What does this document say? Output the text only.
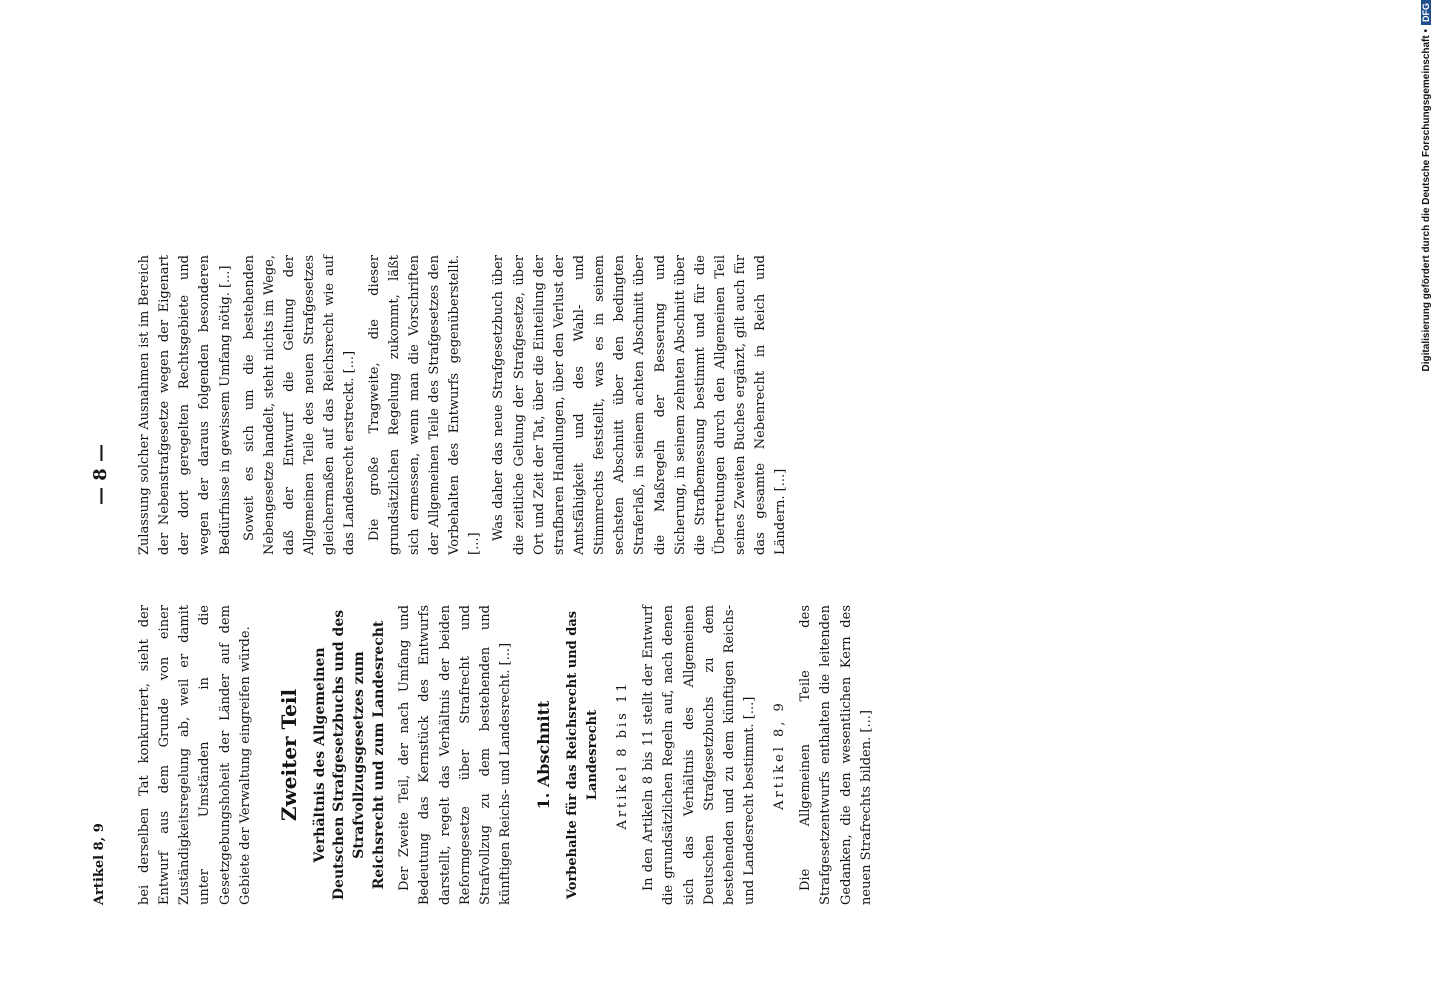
Artikel 8, 9
— 8 —

bei derselben Tat konkurriert, sieht der Entwurf aus dem Grunde von einer Zuständigkeitsregelung ab, weil er damit unter Umständen in die Gesetzgebungshoheit der Länder auf dem Gebiete der Verwaltung eingreifen würde. Zweiter Teil Verhältnis des Allgemeinen Deutschen Strafgesetzbuchs und des Strafvollzugsgesetzes zum Reichsrecht und zum Landesrecht Der Zweite Teil, der nach Umfang und Bedeutung das Kernstück des Entwurfs darstellt, regelt das Verhältnis der beiden Reformgesetze über Strafrecht und Strafvollzug zu dem bestehenden und künftigen Reichs- und Landesrecht. [...] 1. Abschnitt Vorbehalte für das Reichsrecht und das Landesrecht Artikel 8 bis 11 In den Artikeln 8 bis 11 stellt der Entwurf die grundsätzlichen Regeln auf, nach denen sich das Verhältnis des Allgemeinen Deutschen Strafgesetzbuchs zu dem bestehenden und zu dem künftigen Reichs- und Landesrecht bestimmt. [...] Artikel 8, 9 Die Allgemeinen Teile des Strafgesetzentwurfs enthalten die leitenden Gedanken, die den wesentlichen Kern des neuen Strafrechts bilden. [...]

Zulassung solcher Ausnahmen ist im Bereich der Nebenstrafgesetze wegen der Eigenart der dort geregelten Rechtsgebiete und wegen der daraus folgenden besonderen Bedürfnisse in gewissem Umfang nötig. [...] Soweit es sich um die bestehenden Nebengesetze handelt, steht nichts im Wege, daß der Entwurf die Geltung der Allgemeinen Teile des neuen Strafgesetzes gleichermaßen auf das Reichsrecht wie auf das Landesrecht erstreckt. [...] Die große Tragweite, die dieser grundsätzlichen Regelung zukommt, läßt sich ermessen, wenn man die Vorschriften der Allgemeinen Teile des Strafgesetzes den Vorbehalten des Entwurfs gegenüberstellt. [...]

Was daher das neue Strafgesetzbuch über die zeitliche Geltung der Strafgesetze, über Ort und Zeit der Tat, über die Einteilung der strafbaren Handlungen, über den Verlust der Amtsfähigkeit und des Wahl- und Stimmrechts feststellt, was es in seinem sechsten Abschnitt über den bedingten Straferlaß, in seinem achten Abschnitt über die Maßregeln der Besserung und Sicherung, in seinem zehnten Abschnitt über die Strafbemessung bestimmt und für die Übertretungen durch den Allgemeinen Teil seines Zweiten Buches ergänzt, gilt auch für das gesamte Nebenrecht in Reich und Ländern. [...]

Digitalisierung gefördert durch die Deutsche Forschungsgemeinschaft •DFG
